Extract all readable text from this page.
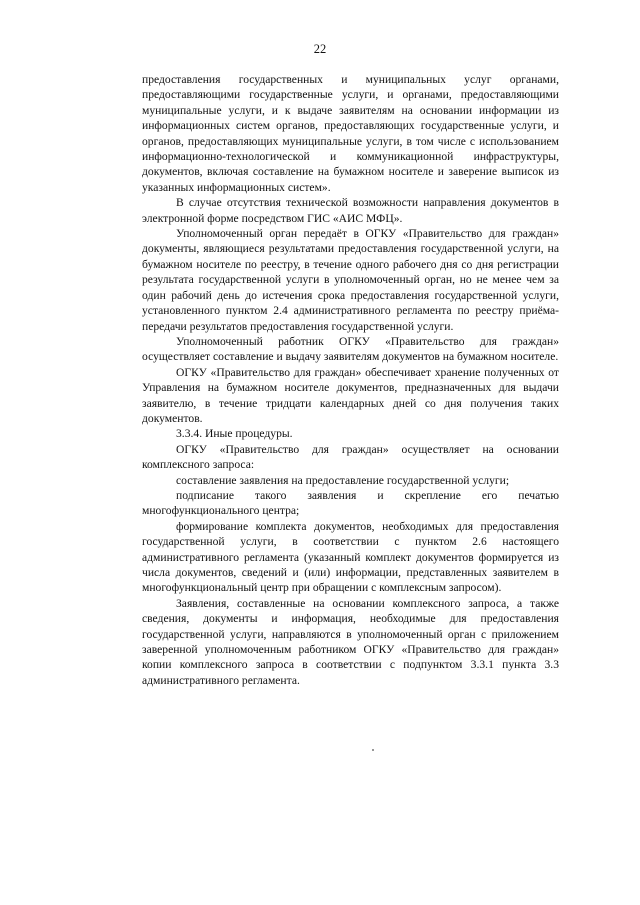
22

предоставления государственных и муниципальных услуг органами, предоставляющими государственные услуги, и органами, предоставляющими муниципальные услуги, и к выдаче заявителям на основании информации из информационных систем органов, предоставляющих государственные услуги, и органов, предоставляющих муниципальные услуги, в том числе с использованием информационно-технологической и коммуникационной инфраструктуры, документов, включая составление на бумажном носителе и заверение выписок из указанных информационных систем».

В случае отсутствия технической возможности направления документов в электронной форме посредством ГИС «АИС МФЦ».

Уполномоченный орган передаёт в ОГКУ «Правительство для граждан» документы, являющиеся результатами предоставления государственной услуги, на бумажном носителе по реестру, в течение одного рабочего дня со дня регистрации результата государственной услуги в уполномоченный орган, но не менее чем за один рабочий день до истечения срока предоставления государственной услуги, установленного пунктом 2.4 административного регламента по реестру приёма-передачи результатов предоставления государственной услуги.

Уполномоченный работник ОГКУ «Правительство для граждан» осуществляет составление и выдачу заявителям документов на бумажном носителе.

ОГКУ «Правительство для граждан» обеспечивает хранение полученных от Управления на бумажном носителе документов, предназначенных для выдачи заявителю, в течение тридцати календарных дней со дня получения таких документов.

3.3.4. Иные процедуры.

ОГКУ «Правительство для граждан» осуществляет на основании комплексного запроса:

составление заявления на предоставление государственной услуги;

подписание такого заявления и скрепление его печатью многофункционального центра;

формирование комплекта документов, необходимых для предоставления государственной услуги, в соответствии с пунктом 2.6 настоящего административного регламента (указанный комплект документов формируется из числа документов, сведений и (или) информации, представленных заявителем в многофункциональный центр при обращении с комплексным запросом).

Заявления, составленные на основании комплексного запроса, а также сведения, документы и информация, необходимые для предоставления государственной услуги, направляются в уполномоченный орган с приложением заверенной уполномоченным работником ОГКУ «Правительство для граждан» копии комплексного запроса в соответствии с подпунктом 3.3.1 пункта 3.3 административного регламента.
